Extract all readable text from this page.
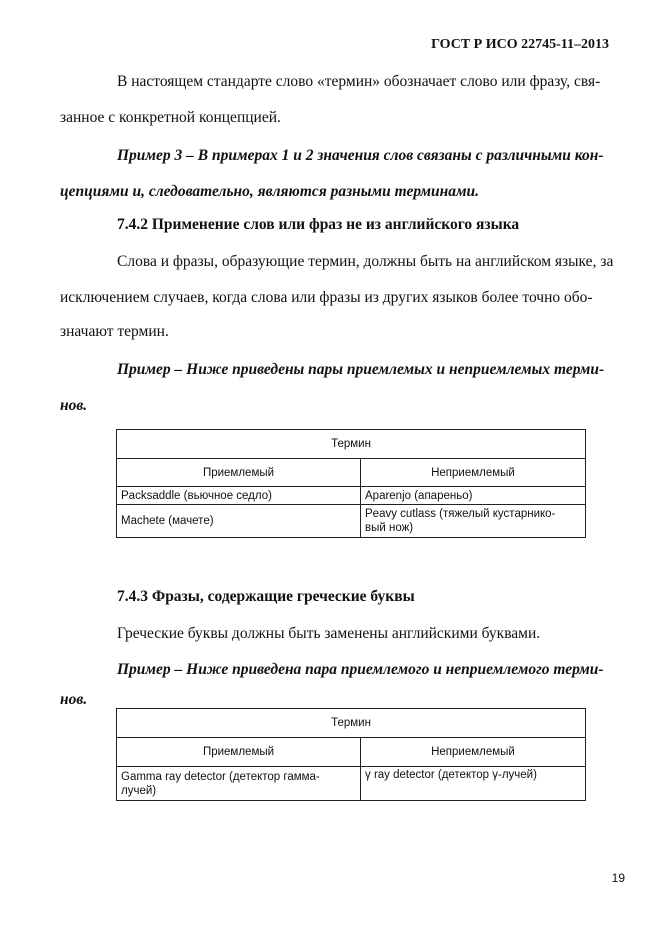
ГОСТ Р ИСО 22745-11–2013
В настоящем стандарте слово «термин» обозначает слово или фразу, свя-
занное с конкретной концепцией.
Пример 3 – В примерах 1 и 2 значения слов связаны с различными кон-
цепциями и, следовательно, являются разными терминами.
7.4.2 Применение слов или фраз не из английского языка
Слова и фразы, образующие термин, должны быть на английском языке, за
исключением случаев, когда слова или фразы из других языков более точно обо-
значают термин.
Пример – Ниже приведены пары приемлемых и неприемлемых терми-
нов.
Термин	
Приемлемый	Неприемлемый
Packsaddle (вьючное седло)	Aparenjo (апареньо)
Machete (мачете)	Peavy cutlass (тяжелый кустарнико-
вый нож)
7.4.3 Фразы, содержащие греческие буквы
Греческие буквы должны быть заменены английскими буквами.
Пример – Ниже приведена пара приемлемого и неприемлемого терми-
нов.
Термин	
Приемлемый	Неприемлемый

Gamma ray detector (детектор гамма-
лучей)	γ ray detector (детектор γ-лучей)
19
